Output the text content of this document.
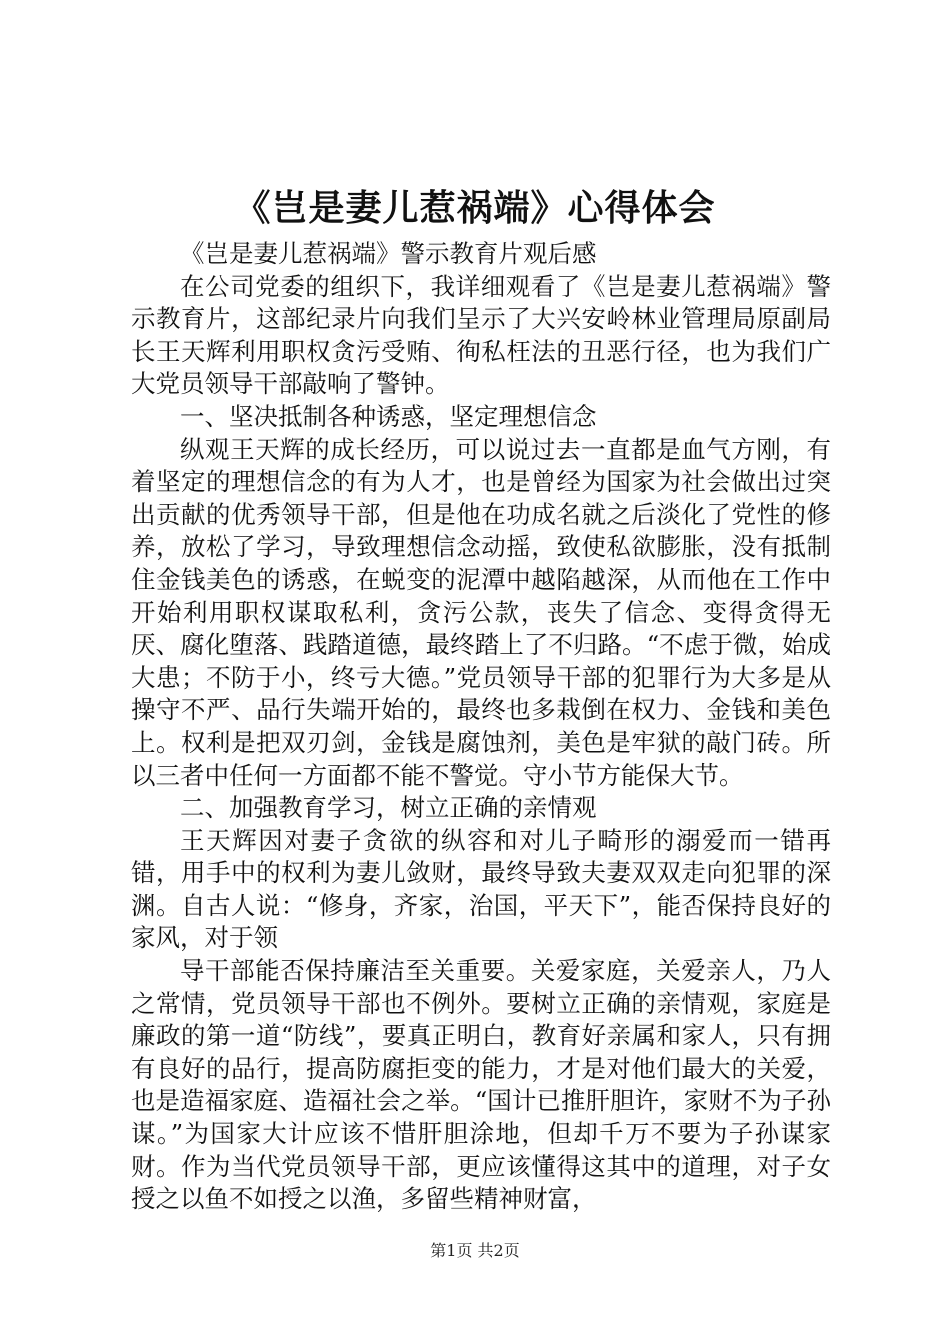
《岂是妻儿惹祸端》心得体会

《岂是妻儿惹祸端》警示教育片观后感

在公司党委的组织下，我详细观看了《岂是妻儿惹祸端》警示教育片，这部纪录片向我们呈示了大兴安岭林业管理局原副局长王天辉利用职权贪污受贿、徇私枉法的丑恶行径，也为我们广大党员领导干部敲响了警钟。

一、坚决抵制各种诱惑，坚定理想信念

纵观王天辉的成长经历，可以说过去一直都是血气方刚，有着坚定的理想信念的有为人才，也是曾经为国家为社会做出过突出贡献的优秀领导干部，但是他在功成名就之后淡化了党性的修养，放松了学习，导致理想信念动摇，致使私欲膨胀，没有抵制住金钱美色的诱惑，在蜕变的泥潭中越陷越深，从而他在工作中开始利用职权谋取私利，贪污公款，丧失了信念、变得贪得无厌、腐化堕落、践踏道德，最终踏上了不归路。“不虑于微，始成大患；不防于小，终亏大德。”党员领导干部的犯罪行为大多是从操守不严、品行失端开始的，最终也多栽倒在权力、金钱和美色上。权利是把双刃剑，金钱是腐蚀剂，美色是牢狱的敲门砖。所以三者中任何一方面都不能不警觉。守小节方能保大节。

二、加强教育学习，树立正确的亲情观

王天辉因对妻子贪欲的纵容和对儿子畸形的溺爱而一错再错，用手中的权利为妻儿敛财，最终导致夫妻双双走向犯罪的深渊。自古人说：“修身，齐家，治国，平天下”，能否保持良好的家风，对于领

导干部能否保持廉洁至关重要。关爱家庭，关爱亲人，乃人之常情，党员领导干部也不例外。要树立正确的亲情观，家庭是廉政的第一道“防线”，要真正明白，教育好亲属和家人，只有拥有良好的品行，提高防腐拒变的能力，才是对他们最大的关爱，也是造福家庭、造福社会之举。“国计已推肝胆许，家财不为子孙谋。”为国家大计应该不惜肝胆涂地，但却千万不要为子孙谋家财。作为当代党员领导干部，更应该懂得这其中的道理，对子女授之以鱼不如授之以渔，多留些精神财富，

第1页 共2页
